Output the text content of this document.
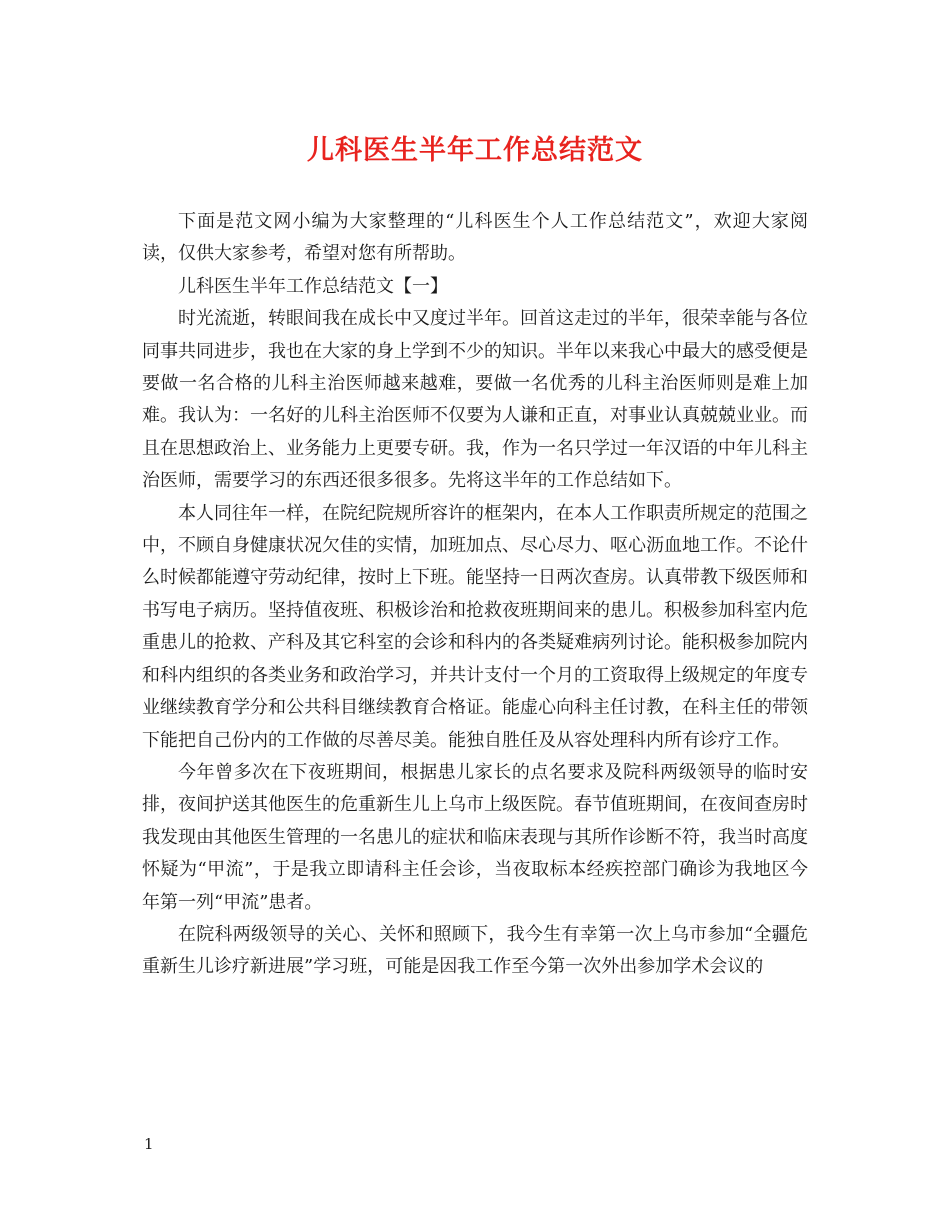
儿科医生半年工作总结范文

下面是范文网小编为大家整理的“儿科医生个人工作总结范文”，欢迎大家阅读，仅供大家参考，希望对您有所帮助。

儿科医生半年工作总结范文【一】

时光流逝，转眼间我在成长中又度过半年。回首这走过的半年，很荣幸能与各位同事共同进步，我也在大家的身上学到不少的知识。半年以来我心中最大的感受便是要做一名合格的儿科主治医师越来越难，要做一名优秀的儿科主治医师则是难上加难。我认为：一名好的儿科主治医师不仅要为人谦和正直，对事业认真兢兢业业。而且在思想政治上、业务能力上更要专研。我，作为一名只学过一年汉语的中年儿科主治医师，需要学习的东西还很多很多。先将这半年的工作总结如下。

本人同往年一样，在院纪院规所容许的框架内，在本人工作职责所规定的范围之中，不顾自身健康状况欠佳的实情，加班加点、尽心尽力、呕心沥血地工作。不论什么时候都能遵守劳动纪律，按时上下班。能坚持一日两次查房。认真带教下级医师和书写电子病历。坚持值夜班、积极诊治和抢救夜班期间来的患儿。积极参加科室内危重患儿的抢救、产科及其它科室的会诊和科内的各类疑难病列讨论。能积极参加院内和科内组织的各类业务和政治学习，并共计支付一个月的工资取得上级规定的年度专业继续教育学分和公共科目继续教育合格证。能虚心向科主任讨教，在科主任的带领下能把自己份内的工作做的尽善尽美。能独自胜任及从容处理科内所有诊疗工作。

今年曾多次在下夜班期间，根据患儿家长的点名要求及院科两级领导的临时安排，夜间护送其他医生的危重新生儿上乌市上级医院。春节值班期间，在夜间查房时我发现由其他医生管理的一名患儿的症状和临床表现与其所作诊断不符，我当时高度怀疑为“甲流”，于是我立即请科主任会诊，当夜取标本经疾控部门确诊为我地区今年第一列“甲流”患者。

在院科两级领导的关心、关怀和照顾下，我今生有幸第一次上乌市参加“全疆危重新生儿诊疗新进展”学习班，可能是因我工作至今第一次外出参加学术会议的

1
